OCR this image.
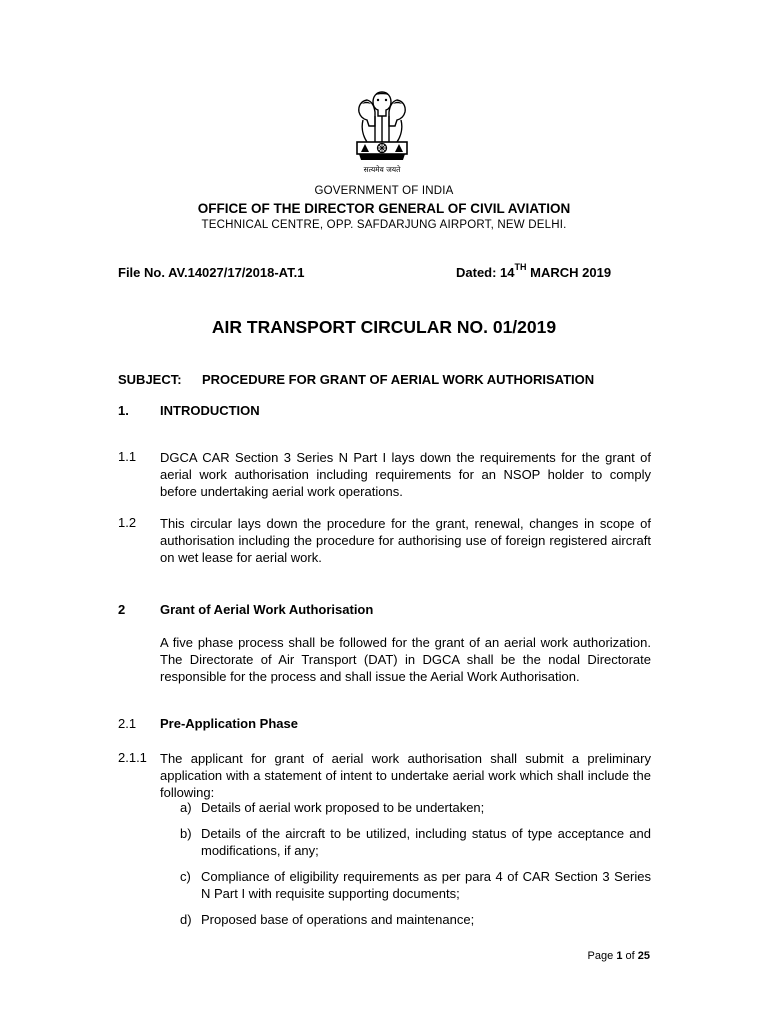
सत्यमेव जयते
GOVERNMENT OF INDIA
OFFICE OF THE DIRECTOR GENERAL OF CIVIL AVIATION
TECHNICAL CENTRE, OPP. SAFDARJUNG AIRPORT, NEW DELHI.
File No. AV.14027/17/2018-AT.1	Dated: 14TH MARCH 2019
AIR TRANSPORT CIRCULAR NO. 01/2019
SUBJECT: PROCEDURE FOR GRANT OF AERIAL WORK AUTHORISATION
1. INTRODUCTION
1.1 DGCA CAR Section 3 Series N Part I lays down the requirements for the grant of aerial work authorisation including requirements for an NSOP holder to comply before undertaking aerial work operations.
1.2 This circular lays down the procedure for the grant, renewal, changes in scope of authorisation including the procedure for authorising use of foreign registered aircraft on wet lease for aerial work.
2	Grant of Aerial Work Authorisation
A five phase process shall be followed for the grant of an aerial work authorization. The Directorate of Air Transport (DAT) in DGCA shall be the nodal Directorate responsible for the process and shall issue the Aerial Work Authorisation.
2.1 Pre-Application Phase
2.1.1 The applicant for grant of aerial work authorisation shall submit a preliminary application with a statement of intent to undertake aerial work which shall include the following:
a) Details of aerial work proposed to be undertaken;
b) Details of the aircraft to be utilized, including status of type acceptance and modifications, if any;
c) Compliance of eligibility requirements as per para 4 of CAR Section 3 Series N Part I with requisite supporting documents;
d) Proposed base of operations and maintenance;
Page 1 of 25
